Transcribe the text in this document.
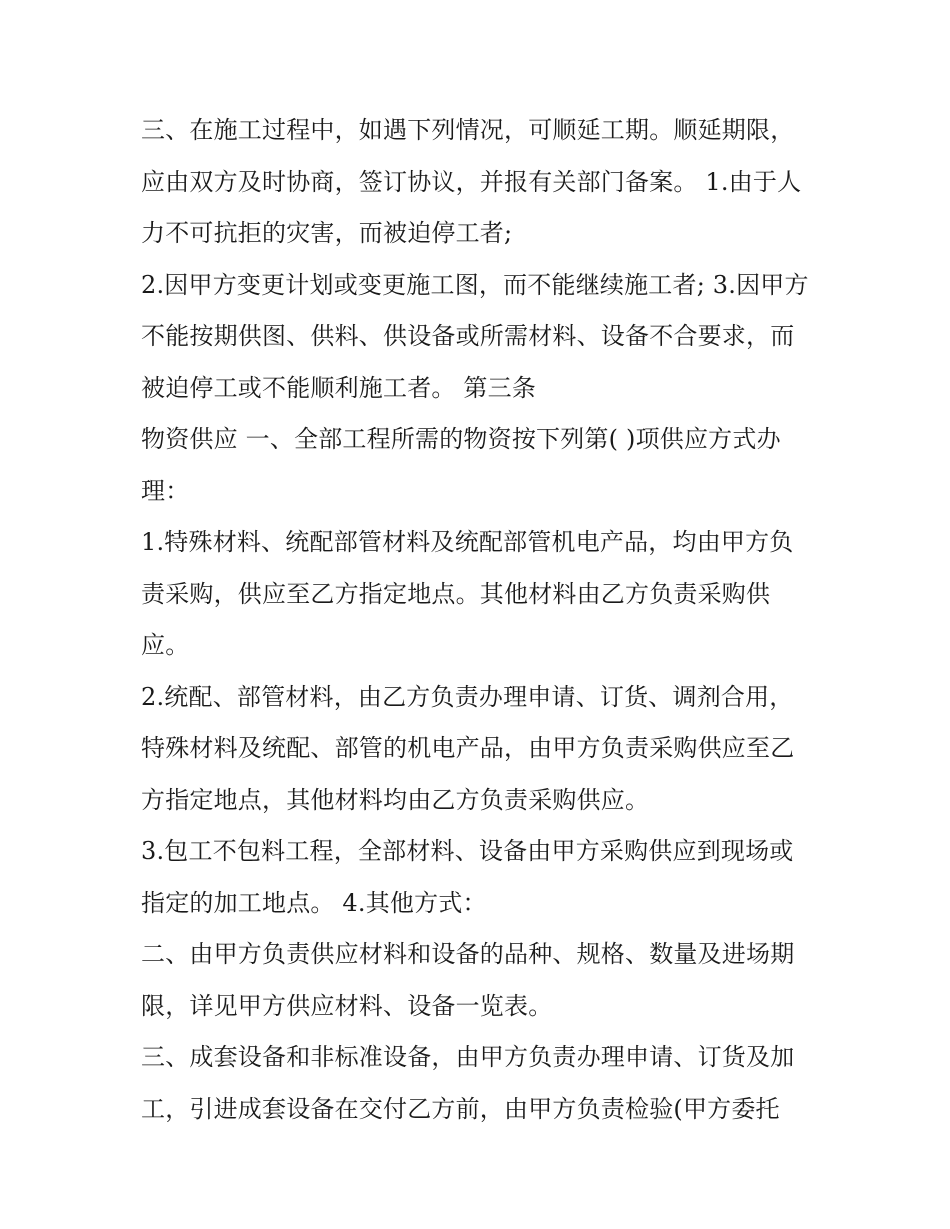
三、在施工过程中，如遇下列情况，可顺延工期。顺延期限，
应由双方及时协商，签订协议，并报有关部门备案。 1.由于人
力不可抗拒的灾害，而被迫停工者;
2.因甲方变更计划或变更施工图，而不能继续施工者; 3.因甲方
不能按期供图、供料、供设备或所需材料、设备不合要求，而
被迫停工或不能顺利施工者。 第三条
物资供应 一、全部工程所需的物资按下列第( )项供应方式办
理：
1.特殊材料、统配部管材料及统配部管机电产品，均由甲方负
责采购，供应至乙方指定地点。其他材料由乙方负责采购供
应。
2.统配、部管材料，由乙方负责办理申请、订货、调剂合用，
特殊材料及统配、部管的机电产品，由甲方负责采购供应至乙
方指定地点，其他材料均由乙方负责采购供应。
3.包工不包料工程，全部材料、设备由甲方采购供应到现场或
指定的加工地点。 4.其他方式：
二、由甲方负责供应材料和设备的品种、规格、数量及进场期
限，详见甲方供应材料、设备一览表。
三、成套设备和非标准设备，由甲方负责办理申请、订货及加
工，引进成套设备在交付乙方前，由甲方负责检验(甲方委托
